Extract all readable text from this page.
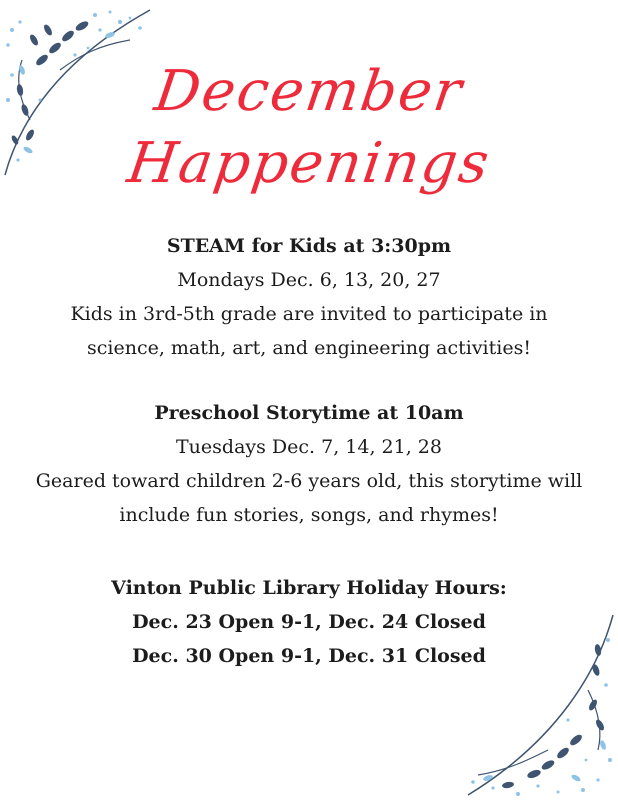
December
Happenings

STEAM for Kids at 3:30pm

Mondays Dec. 6, 13, 20, 27

Kids in 3rd-5th grade are invited to participate in

science, math, art, and engineering activities!

Preschool Storytime at 10am

Tuesdays Dec. 7, 14, 21, 28

Geared toward children 2-6 years old, this storytime will

include fun stories, songs, and rhymes!

Vinton Public Library Holiday Hours:

Dec. 23 Open 9-1, Dec. 24 Closed

Dec. 30 Open 9-1, Dec. 31 Closed
